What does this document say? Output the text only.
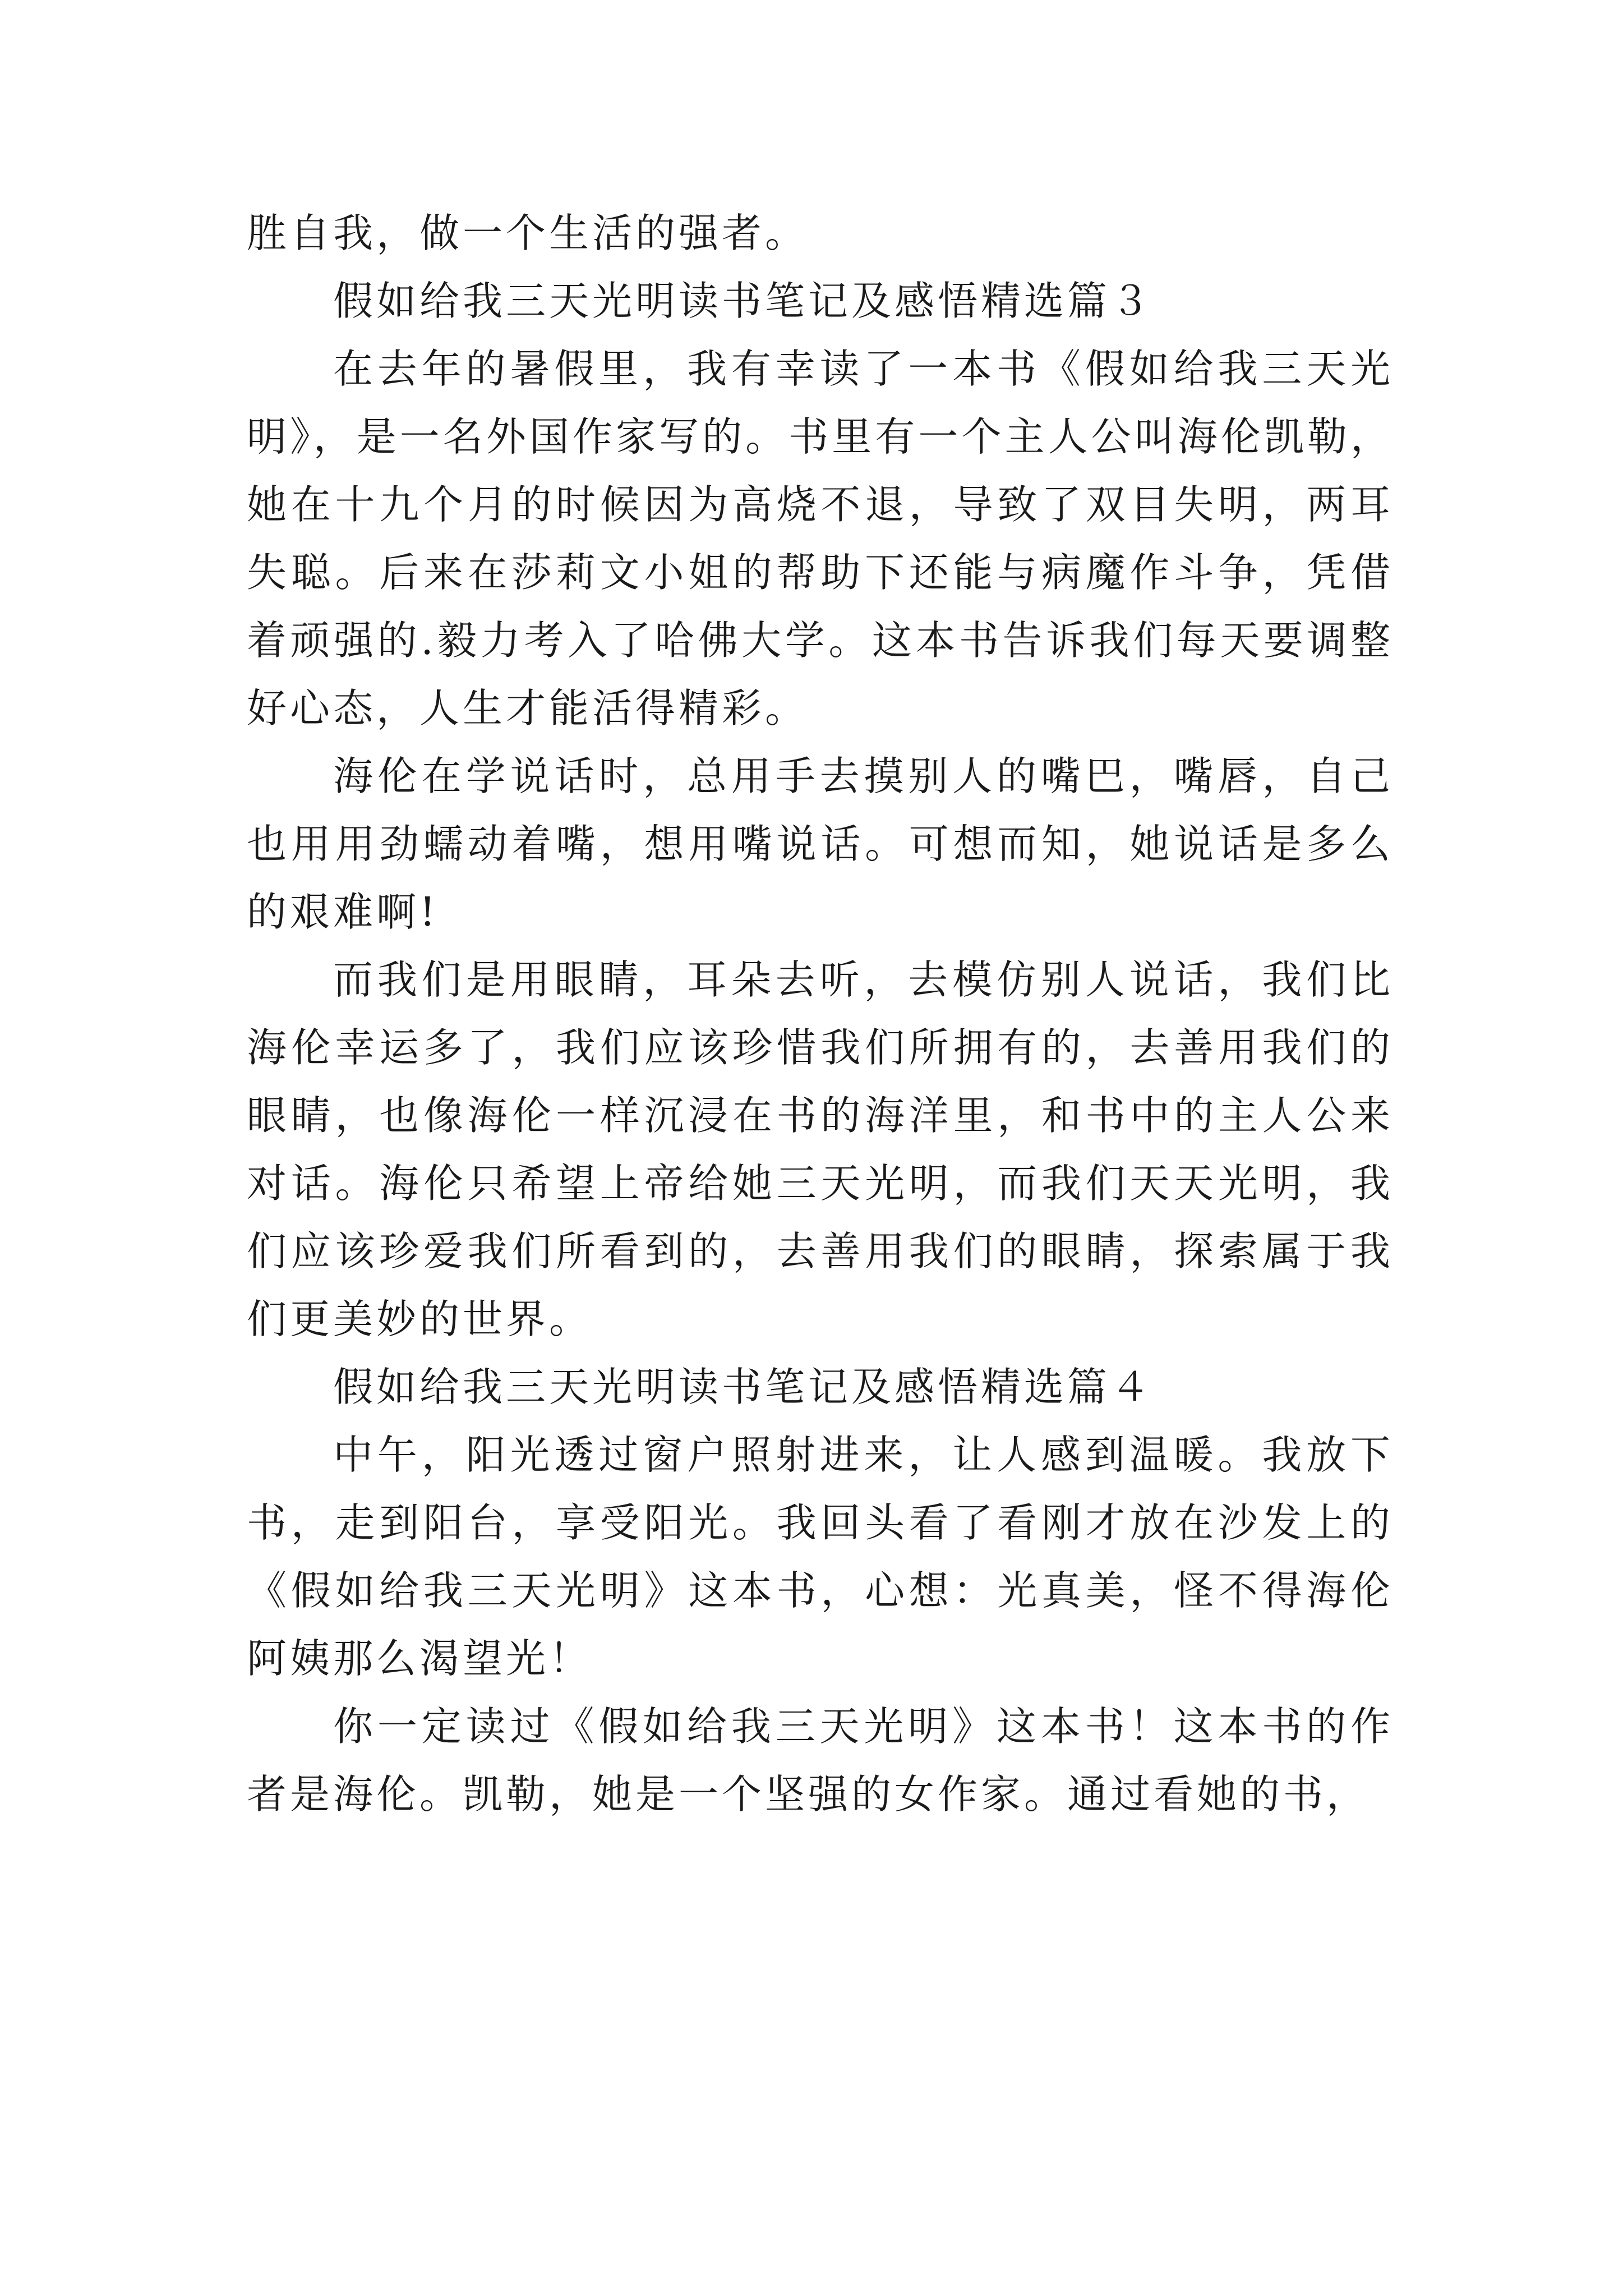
胜自我，做一个生活的强者。

假如给我三天光明读书笔记及感悟精选篇３

在去年的暑假里，我有幸读了一本书《假如给我三天光明》，是一名外国作家写的。书里有一个主人公叫海伦凯勒，她在十九个月的时候因为高烧不退，导致了双目失明，两耳失聪。后来在莎莉文小姐的帮助下还能与病魔作斗争，凭借着顽强的.毅力考入了哈佛大学。这本书告诉我们每天要调整好心态，人生才能活得精彩。

海伦在学说话时，总用手去摸别人的嘴巴，嘴唇，自己也用用劲蠕动着嘴，想用嘴说话。可想而知，她说话是多么的艰难啊!

而我们是用眼睛，耳朵去听，去模仿别人说话，我们比海伦幸运多了，我们应该珍惜我们所拥有的，去善用我们的眼睛，也像海伦一样沉浸在书的海洋里，和书中的主人公来对话。海伦只希望上帝给她三天光明，而我们天天光明，我们应该珍爱我们所看到的，去善用我们的眼睛，探索属于我们更美妙的世界。

假如给我三天光明读书笔记及感悟精选篇４

中午，阳光透过窗户照射进来，让人感到温暖。我放下书，走到阳台，享受阳光。我回头看了看刚才放在沙发上的《假如给我三天光明》这本书，心想：光真美，怪不得海伦阿姨那么渴望光！

你一定读过《假如给我三天光明》这本书！这本书的作者是海伦。凯勒，她是一个坚强的女作家。通过看她的书，
